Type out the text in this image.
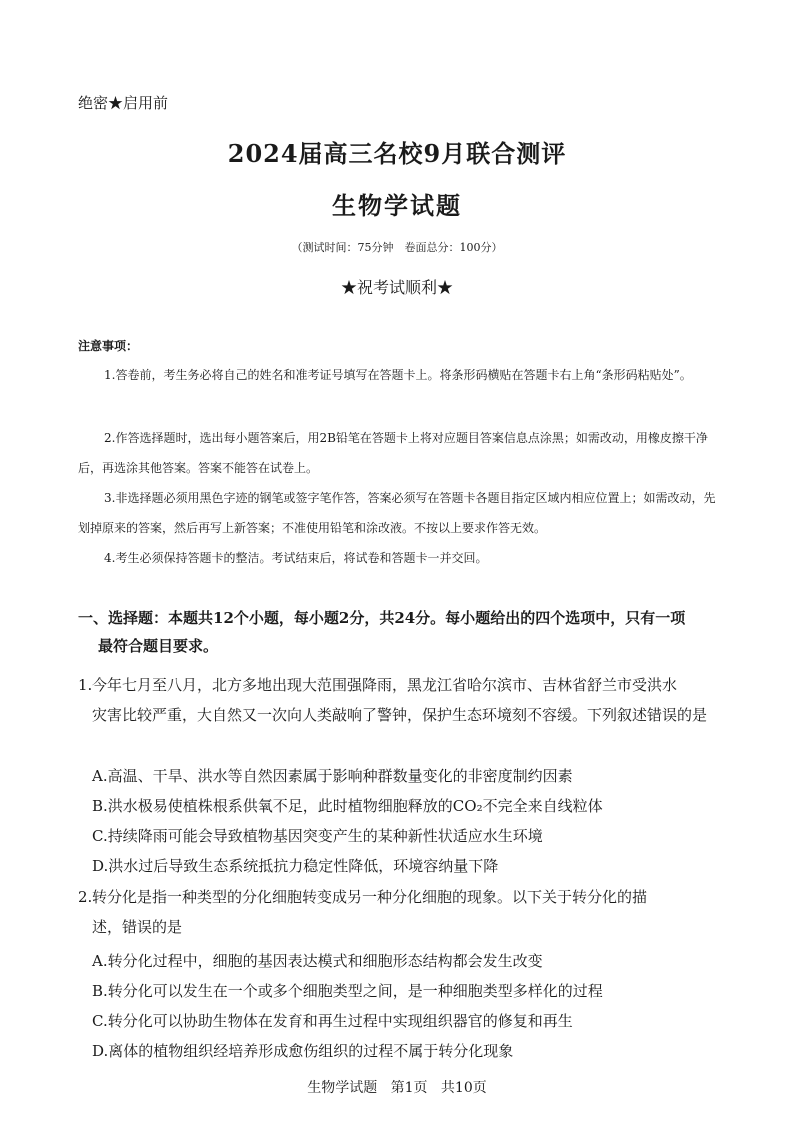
绝密★启用前
2024届高三名校9月联合测评
生物学试题
（测试时间：75分钟　卷面总分：100分）
★祝考试顺利★
注意事项：
1.答卷前，考生务必将自己的姓名和准考证号填写在答题卡上。将条形码横贴在答题卡右上角“条形码粘贴处”。
2.作答选择题时，选出每小题答案后，用2B铅笔在答题卡上将对应题目答案信息点涂黑；如需改动，用橡皮擦干净后，再选涂其他答案。答案不能答在试卷上。
3.非选择题必须用黑色字迹的钢笔或签字笔作答，答案必须写在答题卡各题目指定区域内相应位置上；如需改动，先划掉原来的答案，然后再写上新答案；不准使用铅笔和涂改液。不按以上要求作答无效。
4.考生必须保持答题卡的整洁。考试结束后，将试卷和答题卡一并交回。
一、选择题：本题共12个小题，每小题2分，共24分。每小题给出的四个选项中，只有一项
最符合题目要求。
1.今年七月至八月，北方多地出现大范围强降雨，黑龙江省哈尔滨市、吉林省舒兰市受洪水
灾害比较严重，大自然又一次向人类敲响了警钟，保护生态环境刻不容缓。下列叙述错误的是
A.高温、干旱、洪水等自然因素属于影响种群数量变化的非密度制约因素
B.洪水极易使植株根系供氧不足，此时植物细胞释放的CO₂不完全来自线粒体
C.持续降雨可能会导致植物基因突变产生的某种新性状适应水生环境
D.洪水过后导致生态系统抵抗力稳定性降低，环境容纳量下降
2.转分化是指一种类型的分化细胞转变成另一种分化细胞的现象。以下关于转分化的描
述，错误的是
A.转分化过程中，细胞的基因表达模式和细胞形态结构都会发生改变
B.转分化可以发生在一个或多个细胞类型之间，是一种细胞类型多样化的过程
C.转分化可以协助生物体在发育和再生过程中实现组织器官的修复和再生
D.离体的植物组织经培养形成愈伤组织的过程不属于转分化现象
生物学试题 第1页 共10页
